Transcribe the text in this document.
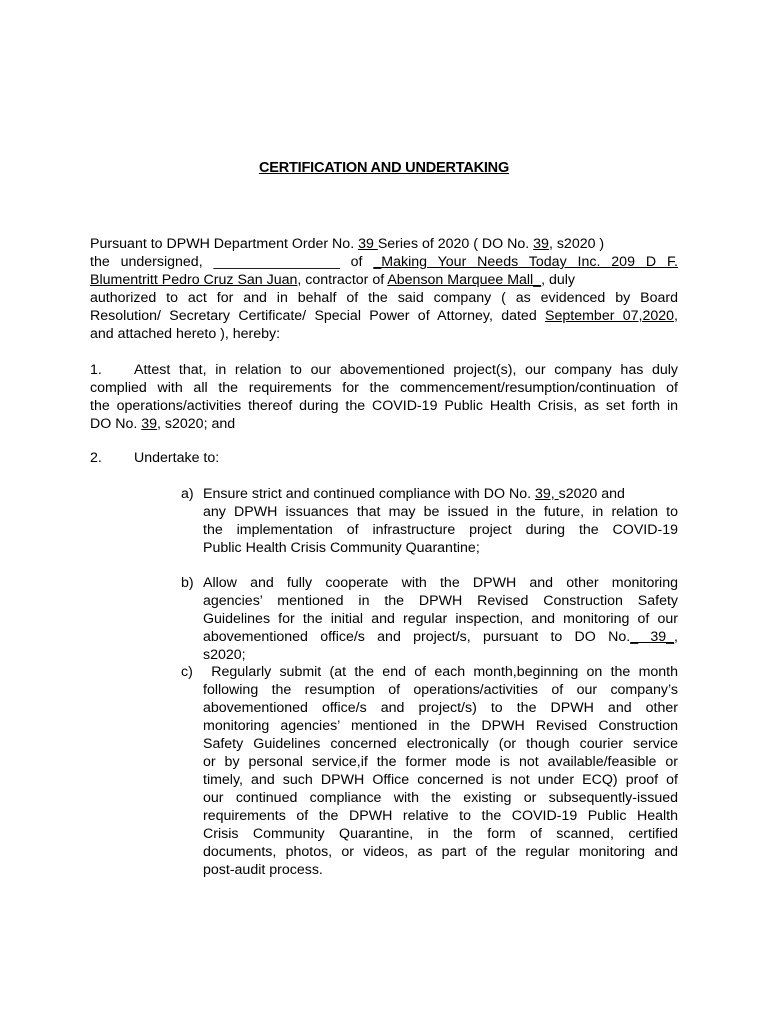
CERTIFICATION AND UNDERTAKING
Pursuant to DPWH Department Order No. 39 Series of 2020 ( DO No. 39, s2020 )
the undersigned, ________________ of _Making Your Needs Today Inc. 209 D F.
Blumentritt Pedro Cruz San Juan, contractor of Abenson Marquee Mall_, duly
authorized to act for and in behalf of the said company ( as evidenced by Board
Resolution/ Secretary Certificate/ Special Power of Attorney, dated September 07,2020,
and attached hereto ), hereby:
1. Attest that, in relation to our abovementioned project(s), our company has duly
complied with all the requirements for the commencement/resumption/continuation of
the operations/activities thereof during the COVID-19 Public Health Crisis, as set forth in
DO No. 39, s2020; and
2. Undertake to:
a) Ensure strict and continued compliance with DO No. 39, s2020 and
any DPWH issuances that may be issued in the future, in relation to
the implementation of infrastructure project during the COVID-19
Public Health Crisis Community Quarantine;
b) Allow and fully cooperate with the DPWH and other monitoring
agencies’ mentioned in the DPWH Revised Construction Safety
Guidelines for the initial and regular inspection, and monitoring of our
abovementioned office/s and project/s, pursuant to DO No._ 39_,
s2020;
c) Regularly submit (at the end of each month,beginning on the month
following the resumption of operations/activities of our company’s
abovementioned office/s and project/s) to the DPWH and other
monitoring agencies’ mentioned in the DPWH Revised Construction
Safety Guidelines concerned electronically (or though courier service
or by personal service,if the former mode is not available/feasible or
timely, and such DPWH Office concerned is not under ECQ) proof of
our continued compliance with the existing or subsequently-issued
requirements of the DPWH relative to the COVID-19 Public Health
Crisis Community Quarantine, in the form of scanned, certified
documents, photos, or videos, as part of the regular monitoring and
post-audit process.
